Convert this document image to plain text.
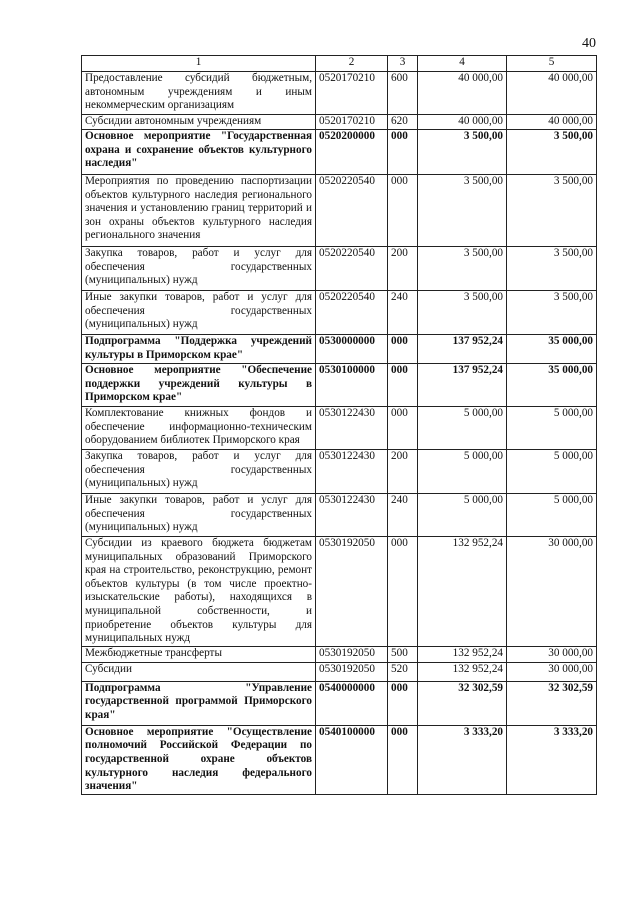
40
1	2	3	4	5
Предоставление субсидий бюджетным, автономным учреждениям и иным некоммерческим организациям	0520170210	600	40 000,00	40 000,00
Субсидии автономным учреждениям	0520170210	620	40 000,00	40 000,00
Основное мероприятие "Государственная охрана и сохранение объектов культурного наследия"	0520200000	000	3 500,00	3 500,00
Мероприятия по проведению паспортизации объектов культурного наследия регионального значения и установлению границ территорий и зон охраны объектов культурного наследия регионального значения	0520220540	000	3 500,00	3 500,00
Закупка товаров, работ и услуг для обеспечения государственных (муниципальных) нужд	0520220540	200	3 500,00	3 500,00
Иные закупки товаров, работ и услуг для обеспечения государственных (муниципальных) нужд	0520220540	240	3 500,00	3 500,00
Подпрограмма "Поддержка учреждений культуры в Приморском крае"	0530000000	000	137 952,24	35 000,00
Основное мероприятие "Обеспечение поддержки учреждений культуры в Приморском крае"	0530100000	000	137 952,24	35 000,00
Комплектование книжных фондов и обеспечение информационно-техническим оборудованием библиотек Приморского края	0530122430	000	5 000,00	5 000,00
Закупка товаров, работ и услуг для обеспечения государственных (муниципальных) нужд	0530122430	200	5 000,00	5 000,00
Иные закупки товаров, работ и услуг для обеспечения государственных (муниципальных) нужд	0530122430	240	5 000,00	5 000,00
Субсидии из краевого бюджета бюджетам муниципальных образований Приморского края на строительство, реконструкцию, ремонт объектов культуры (в том числе проектно-изыскательские работы), находящихся в муниципальной собственности, и приобретение объектов культуры для муниципальных нужд	0530192050	000	132 952,24	30 000,00
Межбюджетные трансферты	0530192050	500	132 952,24	30 000,00
Субсидии	0530192050	520	132 952,24	30 000,00
Подпрограмма "Управление государственной программой Приморского края"	0540000000	000	32 302,59	32 302,59
Основное мероприятие "Осуществление полномочий Российской Федерации по государственной охране объектов культурного наследия федерального значения"	0540100000	000	3 333,20	3 333,20
